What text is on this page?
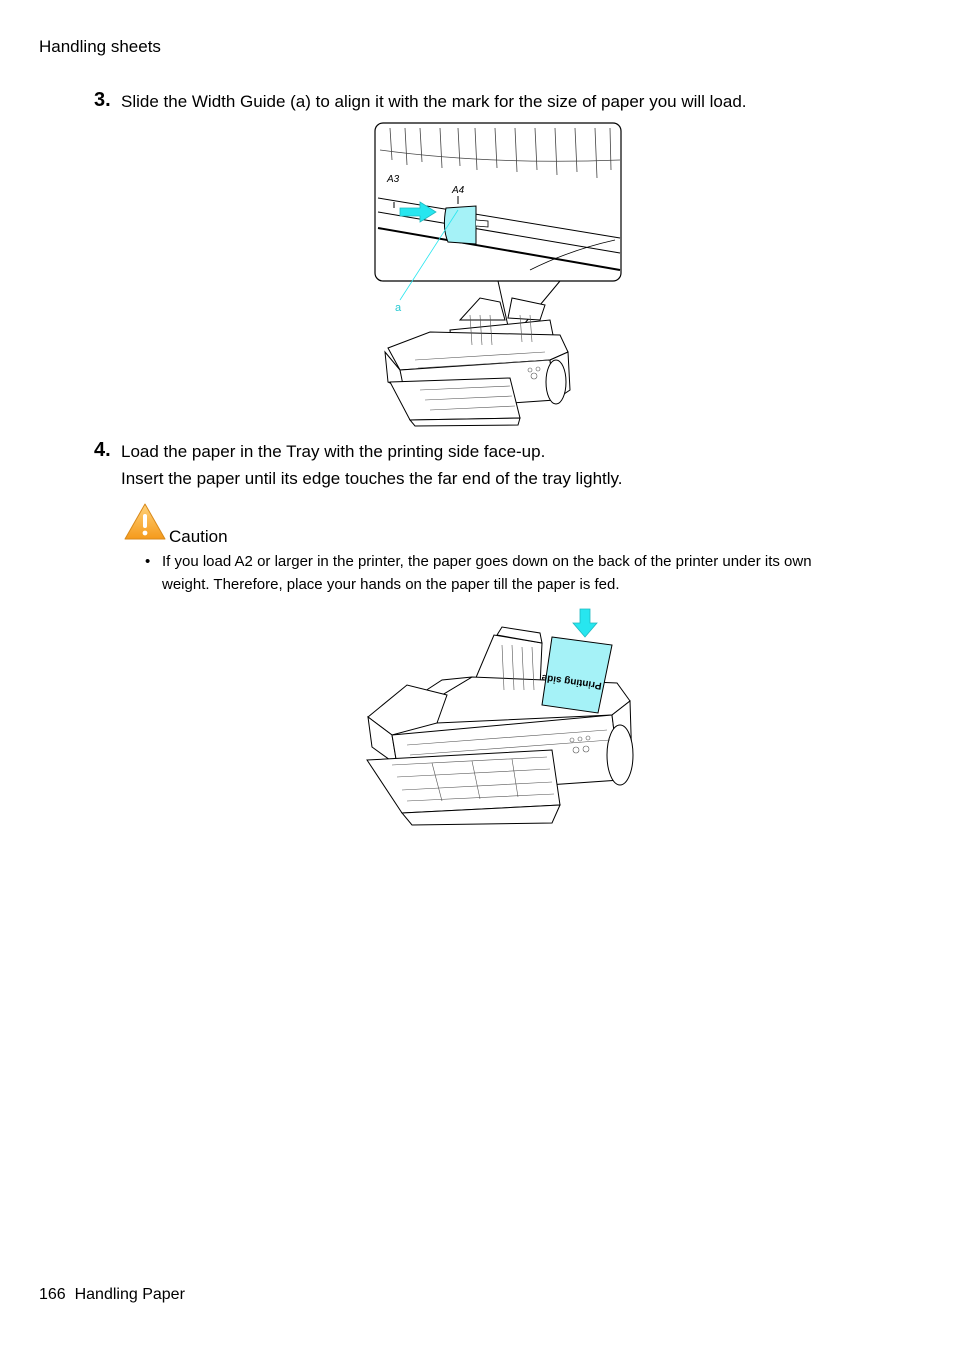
Handling sheets
3. Slide the Width Guide (a) to align it with the mark for the size of paper you will load.
A3
A4
a
4. Load the paper in the Tray with the printing side face-up.
Insert the paper until its edge touches the far end of the tray lightly.
Caution
• If you load A2 or larger in the printer, the paper goes down on the back of the printer under its own
weight. Therefore, place your hands on the paper till the paper is fed.
Printing side
166 Handling Paper
